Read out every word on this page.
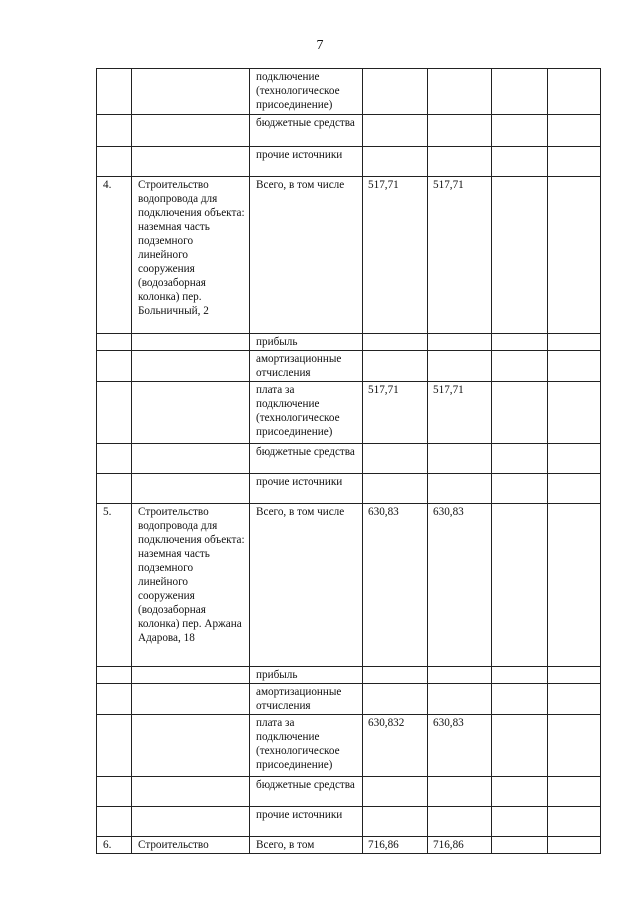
7
		подключение (технологическое присоединение)				
		бюджетные средства				
		прочие источники				
4.	Строительство водопровода для подключения объекта: наземная часть подземного линейного сооружения (водозаборная колонка) пер. Больничный, 2	Всего, в том числе	517,71	517,71		
		прибыль				
		амортизационные отчисления				
		плата за подключение (технологическое присоединение)	517,71	517,71		
		бюджетные средства				
		прочие источники				
5.	Строительство водопровода для подключения объекта: наземная часть подземного линейного сооружения (водозаборная колонка) пер. Аржана Адарова, 18	Всего, в том числе	630,83	630,83		
		прибыль				
		амортизационные отчисления				
		плата за подключение (технологическое присоединение)	630,832	630,83		
		бюджетные средства				
		прочие источники				
6.	Строительство	Всего, в том	716,86	716,86		
